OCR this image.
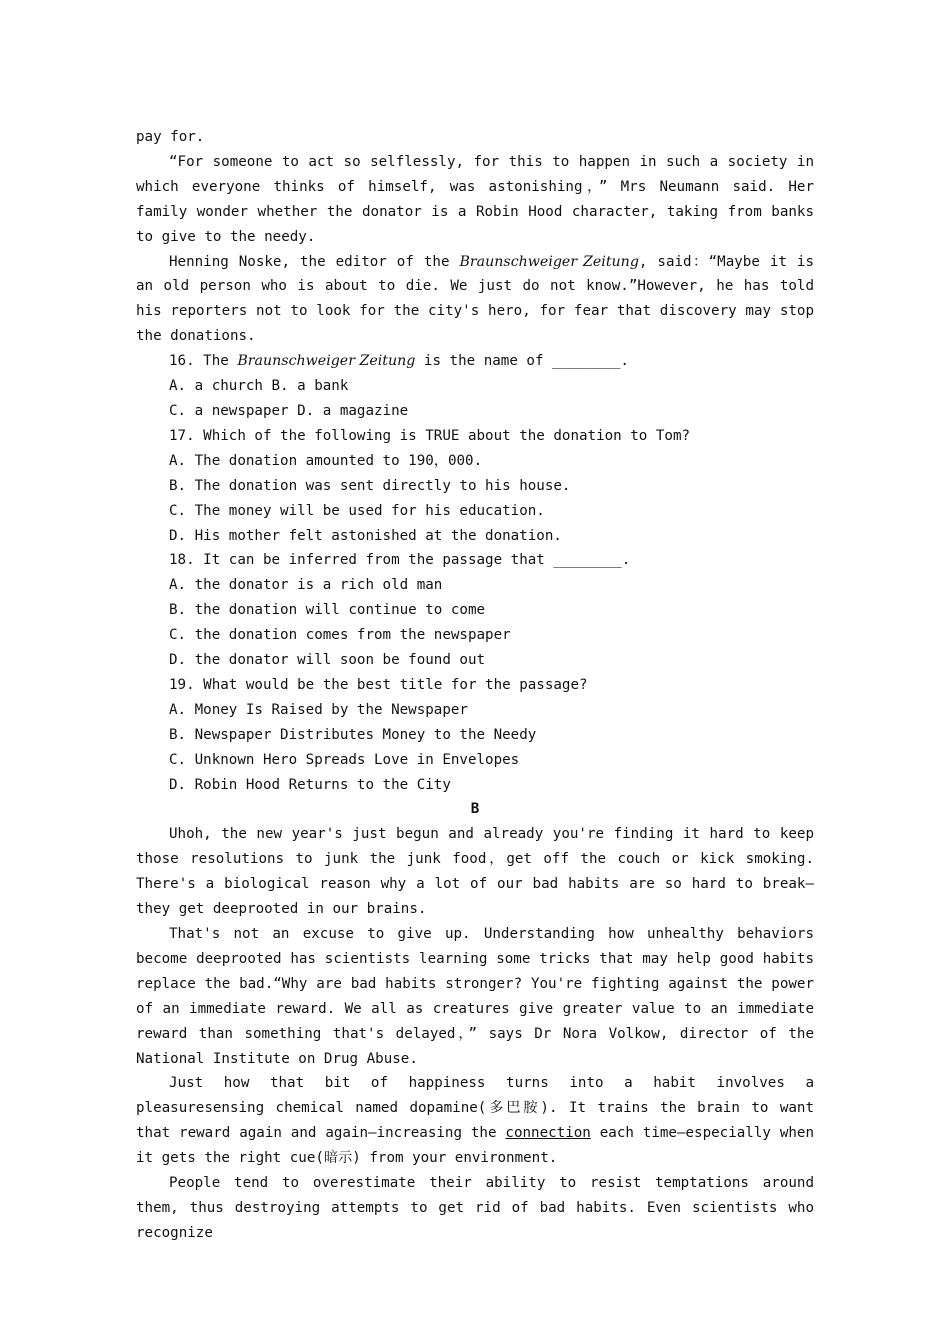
pay for.

“For someone to act so selflessly, for this to happen in such a society in which everyone thinks of himself, was astonishing，” Mrs Neumann said. Her family wonder whether the donator is a Robin Hood character, taking from banks to give to the needy.

Henning Noske, the editor of the Braunschweiger Zeitung, said：“Maybe it is an old person who is about to die. We just do not know.”However, he has told his reporters not to look for the city's hero, for fear that discovery may stop the donations.

16. The Braunschweiger Zeitung is the name of ________.

A. a church B. a bank

C. a newspaper D. a magazine

17. Which of the following is TRUE about the donation to Tom?

A. The donation amounted to 190，000.

B. The donation was sent directly to his house.

C. The money will be used for his education.

D. His mother felt astonished at the donation.

18. It can be inferred from the passage that ________.

A. the donator is a rich old man

B. the donation will continue to come

C. the donation comes from the newspaper

D. the donator will soon be found out

19. What would be the best title for the passage?

A. Money Is Raised by the Newspaper

B. Newspaper Distributes Money to the Needy

C. Unknown Hero Spreads Love in Envelopes

D. Robin Hood Returns to the City

B

Uhoh, the new year's just begun and already you're finding it hard to keep those resolutions to junk the junk food，get off the couch or kick smoking. There's a biological reason why a lot of our bad habits are so hard to break—they get deeprooted in our brains.

That's not an excuse to give up. Understanding how unhealthy behaviors become deeprooted has scientists learning some tricks that may help good habits replace the bad.“Why are bad habits stronger? You're fighting against the power of an immediate reward. We all as creatures give greater value to an immediate reward than something that's delayed，” says Dr Nora Volkow, director of the National Institute on Drug Abuse.

Just how that bit of happiness turns into a habit involves a pleasuresensing chemical named dopamine(多巴胺). It trains the brain to want that reward again and again—increasing the connection each time—especially when it gets the right cue(暗示) from your environment.

People tend to overestimate their ability to resist temptations around them, thus destroying attempts to get rid of bad habits. Even scientists who recognize
